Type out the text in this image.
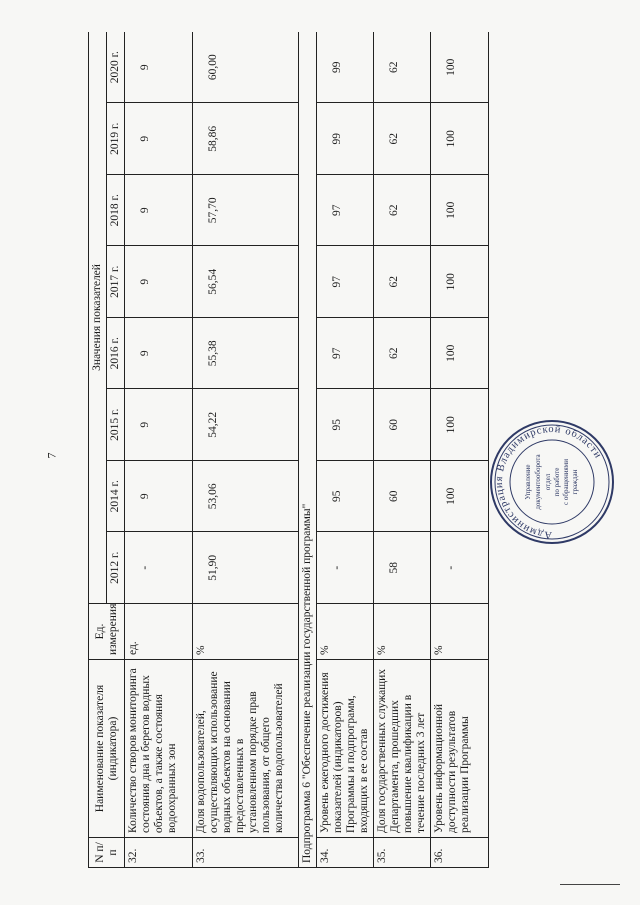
7
N п/п	Наименование показателя (индикатора)	Ед. измерения	Значения показателей							
			2012 г.	2014 г.	2015 г.	2016 г.	2017 г.	2018 г.	2019 г.	2020 г.
32.	Количество створов мониторинга состояния дна и берегов водных объектов, а также состояния водоохранных зон	ед.	-	9	9	9	9	9	9	9
33.	Доля водопользователей, осуществляющих использование водных объектов на основании предоставленных в установленном порядке прав пользования, от общего количества водопользователей	%	51,90	53,06	54,22	55,38	56,54	57,70	58,86	60,00
Подпрограмма 6 "Обеспечение реализации государственной программы"										
34.	Уровень ежегодного достижения показателей (индикаторов) Программы и подпрограмм, входящих в ее состав	%	-	95	95	97	97	97	99	99
35.	Доля государственных служащих Департамента, прошедших повышение квалификации в течение последних 3 лет	%	58	60	60	62	62	62	62	62
36.	Уровень информационной доступности результатов реализации Программы	%	-	100	100	100	100	100	100	100
Администрация Владимирской области
Управление документооборота отдел по работе с обращениями граждан
